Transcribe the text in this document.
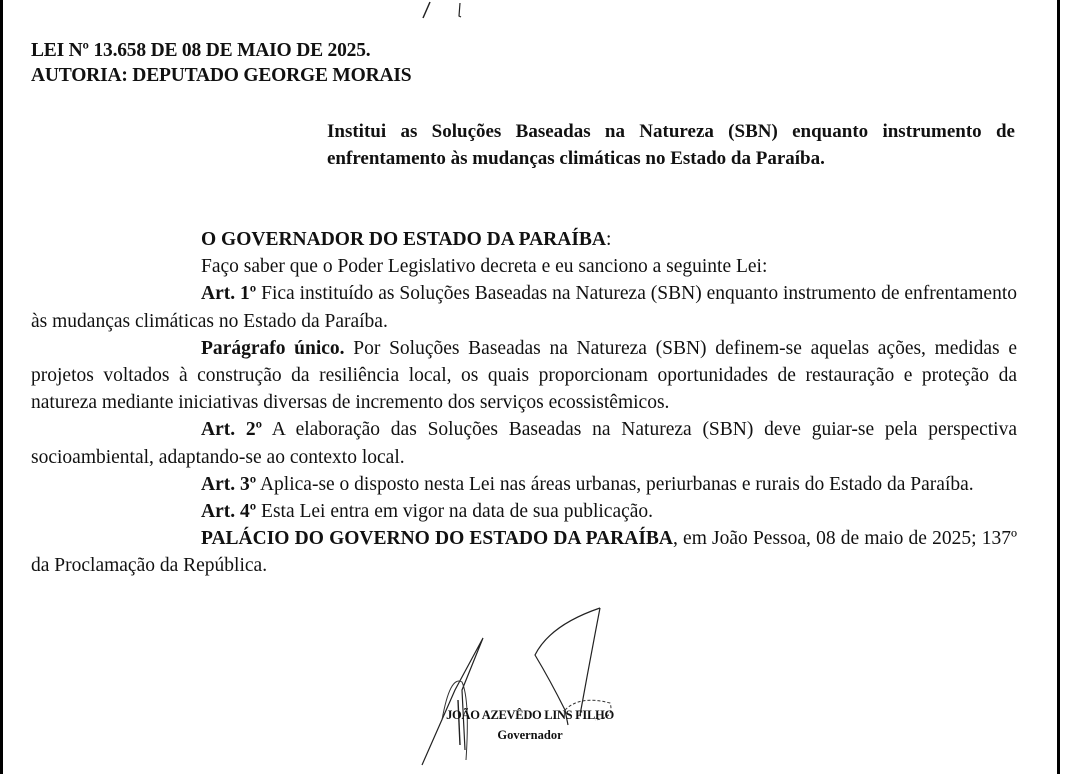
LEI Nº 13.658 DE 08 DE MAIO DE 2025.
AUTORIA: DEPUTADO GEORGE MORAIS
Institui as Soluções Baseadas na Natureza (SBN) enquanto instrumento de enfrentamento às mudanças climáticas no Estado da Paraíba.

O GOVERNADOR DO ESTADO DA PARAÍBA:

Faço saber que o Poder Legislativo decreta e eu sanciono a seguinte Lei:

Art. 1º Fica instituído as Soluções Baseadas na Natureza (SBN) enquanto instrumento de enfrentamento às mudanças climáticas no Estado da Paraíba.

Parágrafo único. Por Soluções Baseadas na Natureza (SBN) definem-se aquelas ações, medidas e projetos voltados à construção da resiliência local, os quais proporcionam oportunidades de restauração e proteção da natureza mediante iniciativas diversas de incremento dos serviços ecossistêmicos.

Art. 2º A elaboração das Soluções Baseadas na Natureza (SBN) deve guiar-se pela perspectiva socioambiental, adaptando-se ao contexto local.

Art. 3º Aplica-se o disposto nesta Lei nas áreas urbanas, periurbanas e rurais do Estado da Paraíba.

Art. 4º Esta Lei entra em vigor na data de sua publicação.

PALÁCIO DO GOVERNO DO ESTADO DA PARAÍBA, em João Pessoa, 08 de maio de 2025; 137º da Proclamação da República.

JOÃO AZEVÊDO LINS FILHO
Governador
